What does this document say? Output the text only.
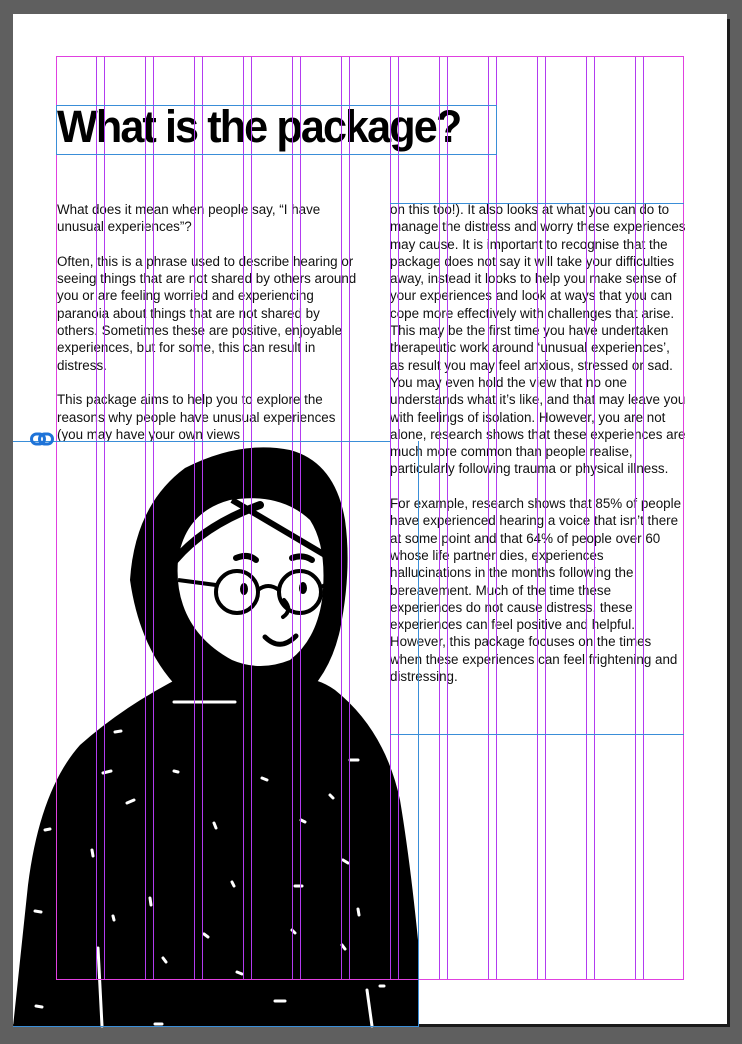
What is the package?

What does it mean when people say, “I have unusual experiences”?

Often, this is a phrase used to describe hearing or seeing things that are not shared by others around you or are feeling worried and experiencing paranoia about things that are not shared by others. Sometimes these are positive, enjoyable experiences, but for some, this can result in distress.

This package aims to help you to explore the reasons why people have unusual experiences (you may have your own views

on this too!). It also looks at what you can do to manage the distress and worry these experiences may cause. It is important to recognise that the package does not say it will take your difficulties away, instead it looks to help you make sense of your experiences and look at ways that you can cope more effectively with challenges that arise.

This may be the first time you have undertaken therapeutic work around ‘unusual experiences’, as result you may feel anxious, stressed or sad. You may even hold the view that no one understands what it’s like, and that may leave you with feelings of isolation. However, you are not alone, research shows that these experiences are much more common than people realise, particularly following trauma or physical illness.

For example, research shows that 85% of people have experienced hearing a voice that isn’t there at some point and that 64% of people over 60 whose life partner dies, experiences hallucinations in the months following the bereavement. Much of the time these experiences do not cause distress, these experiences can feel positive and helpful. However, this package focuses on the times when these experiences can feel frightening and distressing.
